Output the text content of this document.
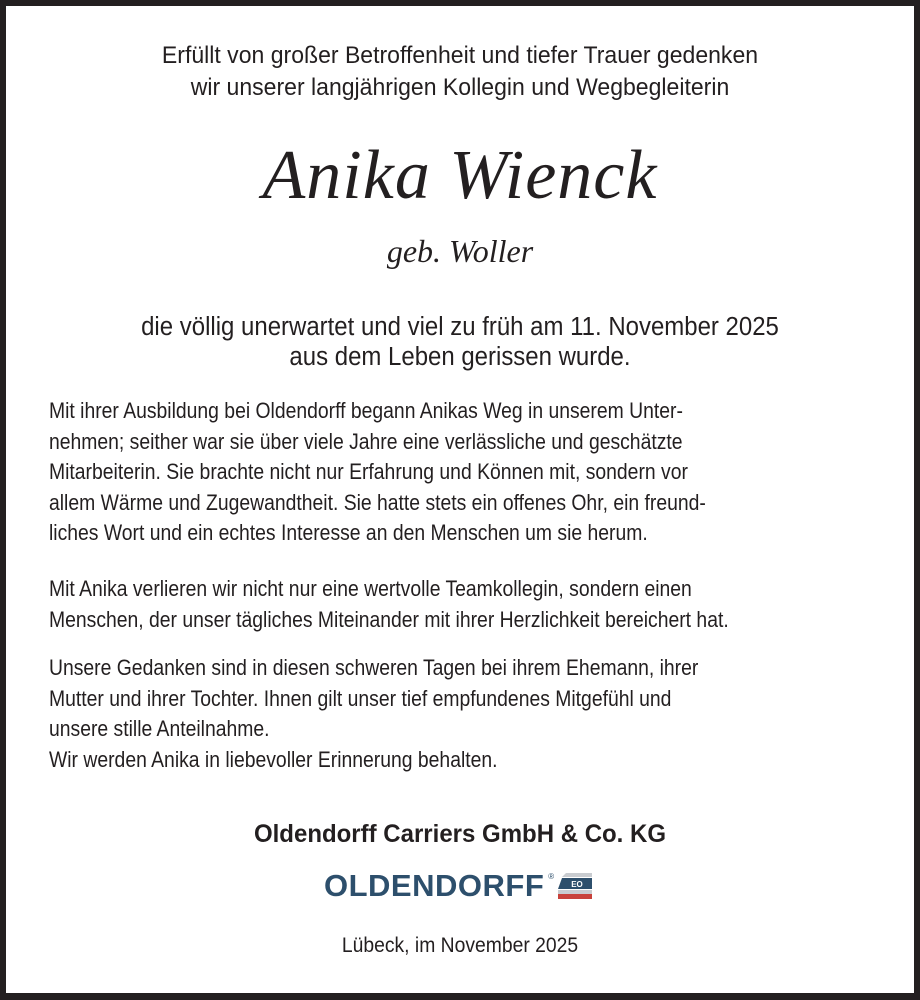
Erfüllt von großer Betroffenheit und tiefer Trauer gedenken
wir unserer langjährigen Kollegin und Wegbegleiterin
Anika Wienck
geb. Woller
die völlig unerwartet und viel zu früh am 11. November 2025
aus dem Leben gerissen wurde.
Mit ihrer Ausbildung bei Oldendorff begann Anikas Weg in unserem Unter-
nehmen; seither war sie über viele Jahre eine verlässliche und geschätzte
Mitarbeiterin. Sie brachte nicht nur Erfahrung und Können mit, sondern vor
allem Wärme und Zugewandtheit. Sie hatte stets ein offenes Ohr, ein freund-
liches Wort und ein echtes Interesse an den Menschen um sie herum.
Mit Anika verlieren wir nicht nur eine wertvolle Teamkollegin, sondern einen
Menschen, der unser tägliches Miteinander mit ihrer Herzlichkeit bereichert hat.
Unsere Gedanken sind in diesen schweren Tagen bei ihrem Ehemann, ihrer
Mutter und ihrer Tochter. Ihnen gilt unser tief empfundenes Mitgefühl und
unsere stille Anteilnahme.
Wir werden Anika in liebevoller Erinnerung behalten.
Oldendorff Carriers GmbH & Co. KG
OLDENDORFF ®
EO
Lübeck, im November 2025
